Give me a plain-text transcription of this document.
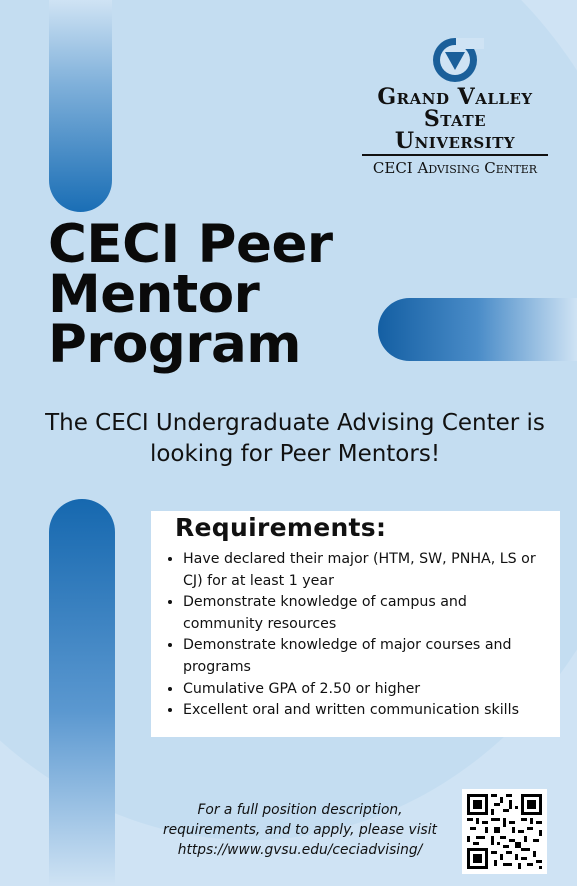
Grand Valley
State University
CECI Advising Center
CECI Peer
Mentor
Program

The CECI Undergraduate Advising Center is
looking for Peer Mentors!

Requirements:
• Have declared their major (HTM, SW, PNHA, LS or CJ) for at least 1 year
• Demonstrate knowledge of campus and community resources
• Demonstrate knowledge of major courses and programs
• Cumulative GPA of 2.50 or higher
• Excellent oral and written communication skills
For a full position description,
requirements, and to apply, please visit
https://www.gvsu.edu/ceciadvising/
